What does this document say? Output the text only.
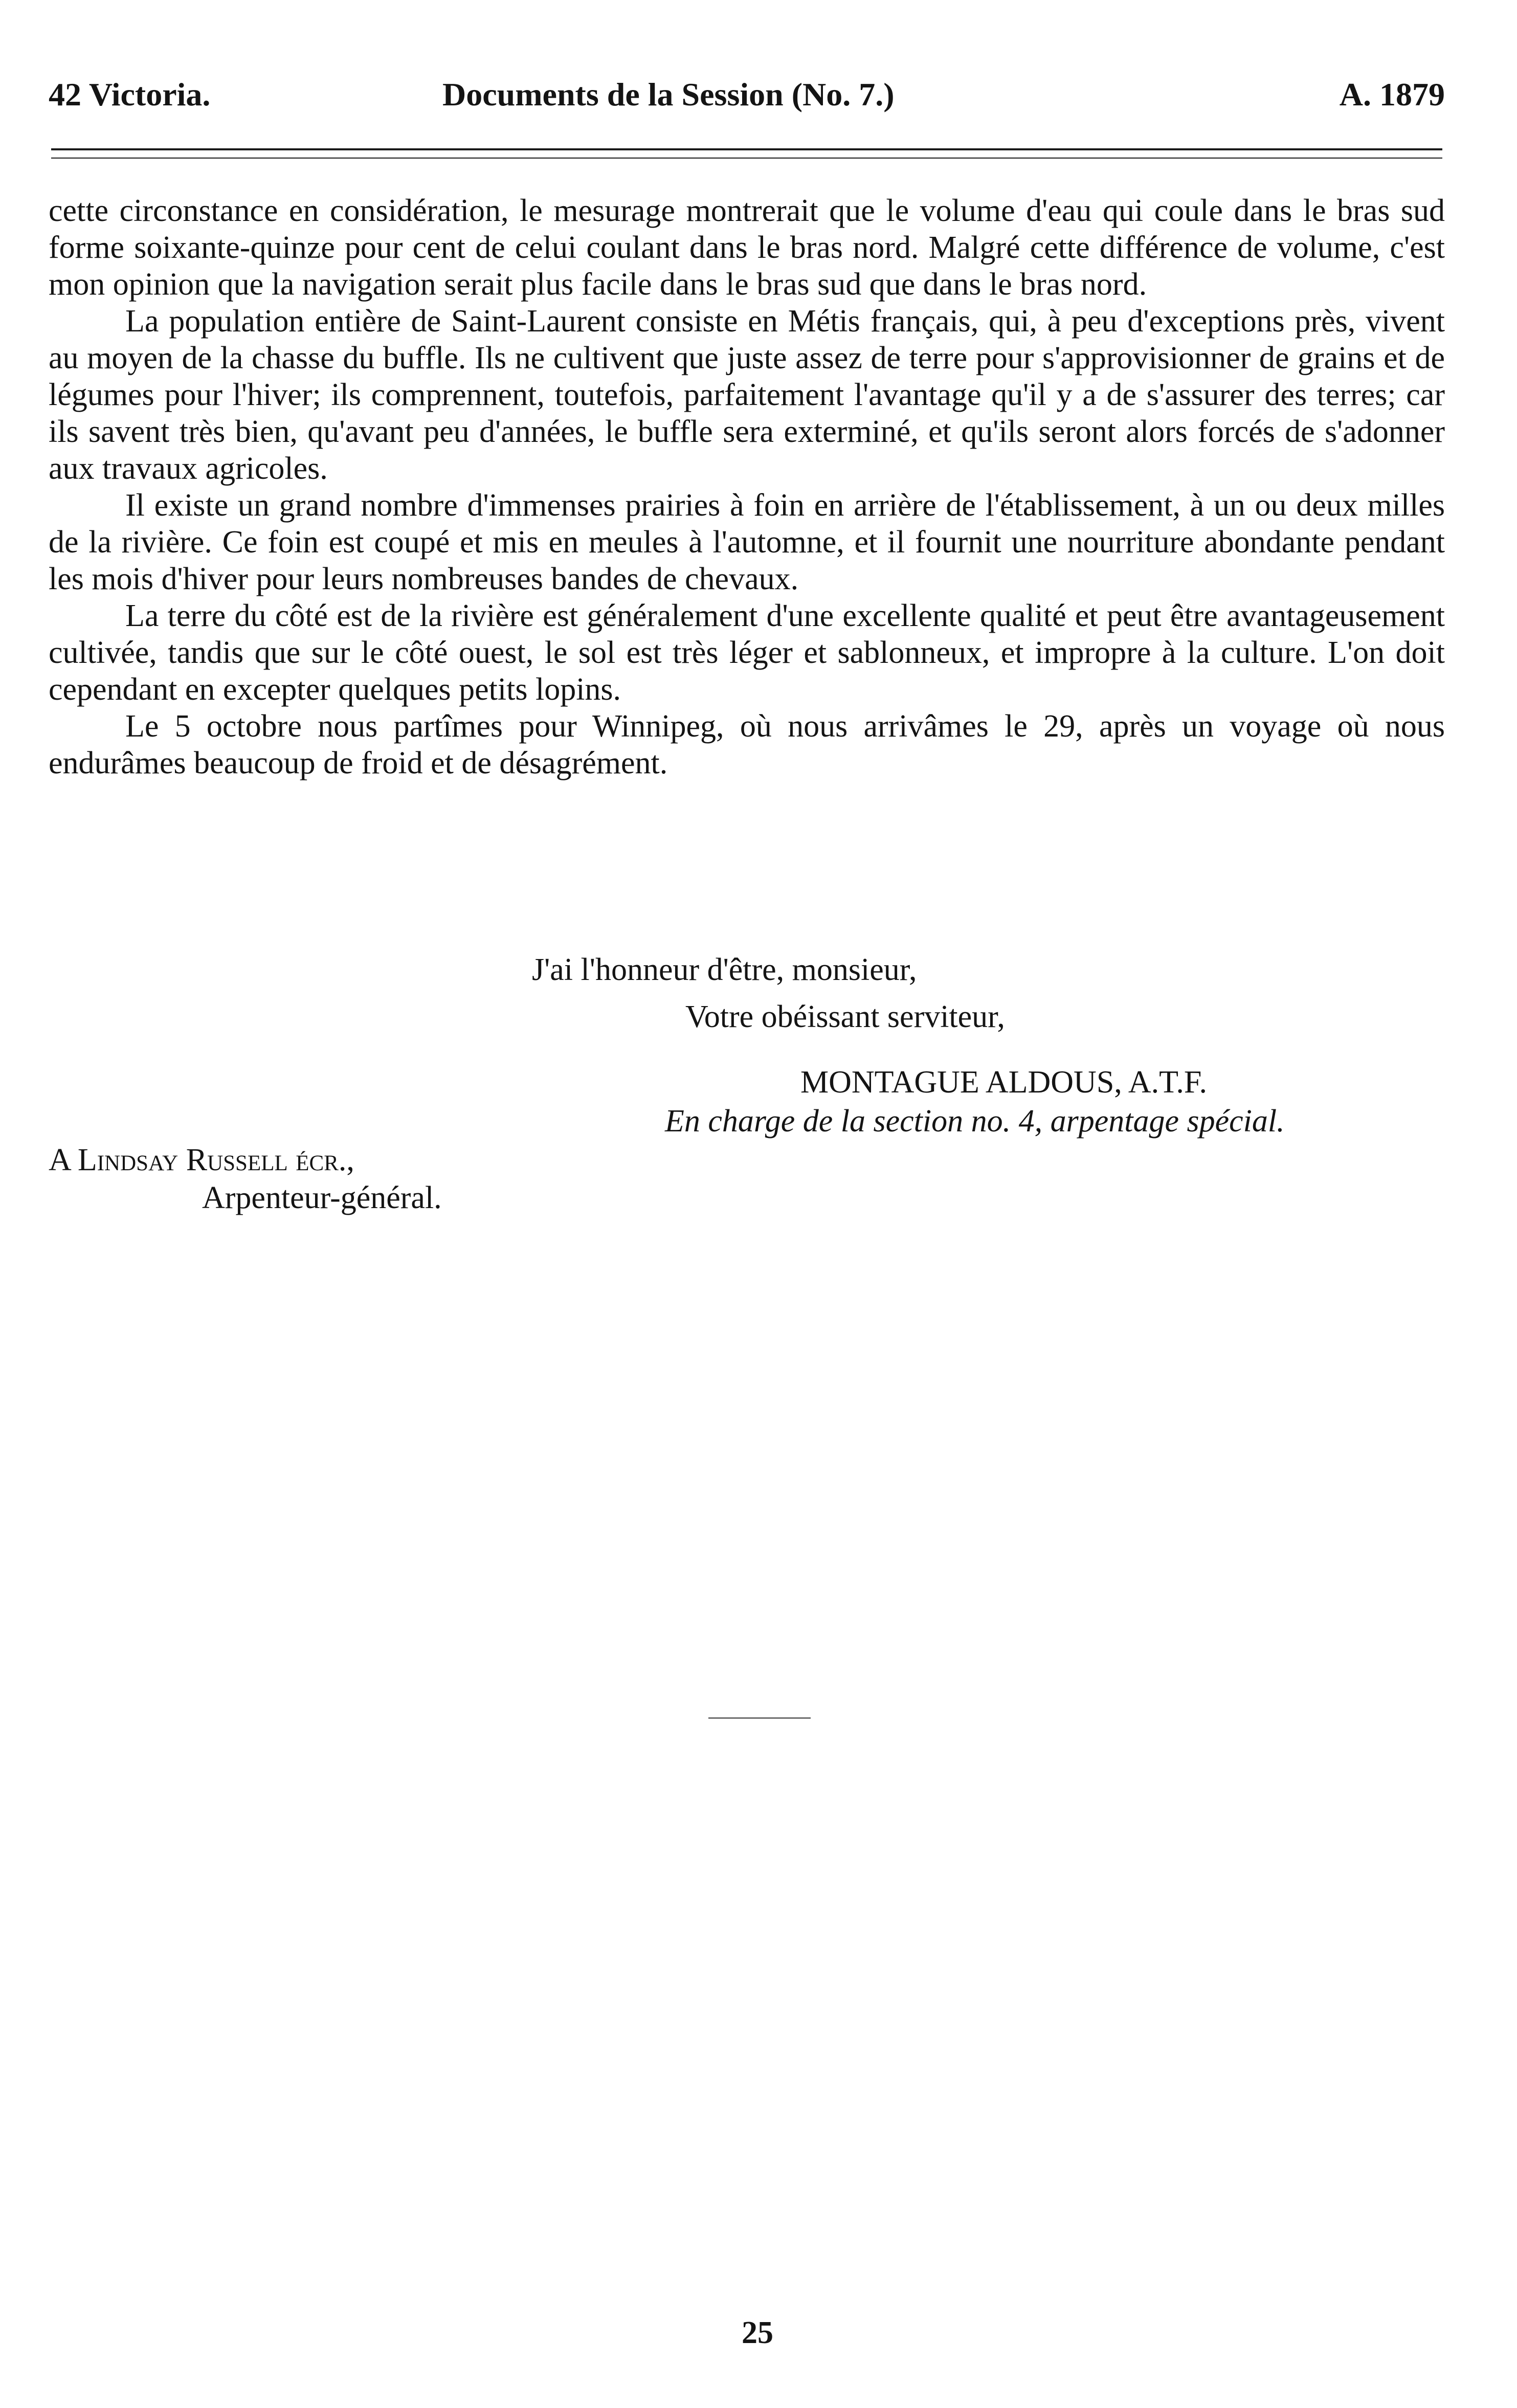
42 Victoria.	Documents de la Session (No. 7.)	A. 1879

cette circonstance en considération, le mesurage montrerait que le volume d'eau qui coule dans le bras sud forme soixante-quinze pour cent de celui coulant dans le bras nord. Malgré cette différence de volume, c'est mon opinion que la navigation serait plus facile dans le bras sud que dans le bras nord.

La population entière de Saint-Laurent consiste en Métis français, qui, à peu d'exceptions près, vivent au moyen de la chasse du buffle. Ils ne cultivent que juste assez de terre pour s'approvisionner de grains et de légumes pour l'hiver; ils comprennent, toutefois, parfaitement l'avantage qu'il y a de s'assurer des terres; car ils savent très bien, qu'avant peu d'années, le buffle sera exterminé, et qu'ils seront alors forcés de s'adonner aux travaux agricoles.

Il existe un grand nombre d'immenses prairies à foin en arrière de l'établissement, à un ou deux milles de la rivière. Ce foin est coupé et mis en meules à l'automne, et il fournit une nourriture abondante pendant les mois d'hiver pour leurs nombreuses bandes de chevaux.

La terre du côté est de la rivière est généralement d'une excellente qualité et peut être avantageusement cultivée, tandis que sur le côté ouest, le sol est très léger et sablonneux, et impropre à la culture. L'on doit cependant en excepter quelques petits lopins.

Le 5 octobre nous partîmes pour Winnipeg, où nous arrivâmes le 29, après un voyage où nous endurâmes beaucoup de froid et de désagrément.

J'ai l'honneur d'être, monsieur,
Votre obéissant serviteur,
MONTAGUE ALDOUS, A.T.F.
En charge de la section no. 4, arpentage spécial.
A Lindsay Russell écr.,
Arpenteur-général.
25
